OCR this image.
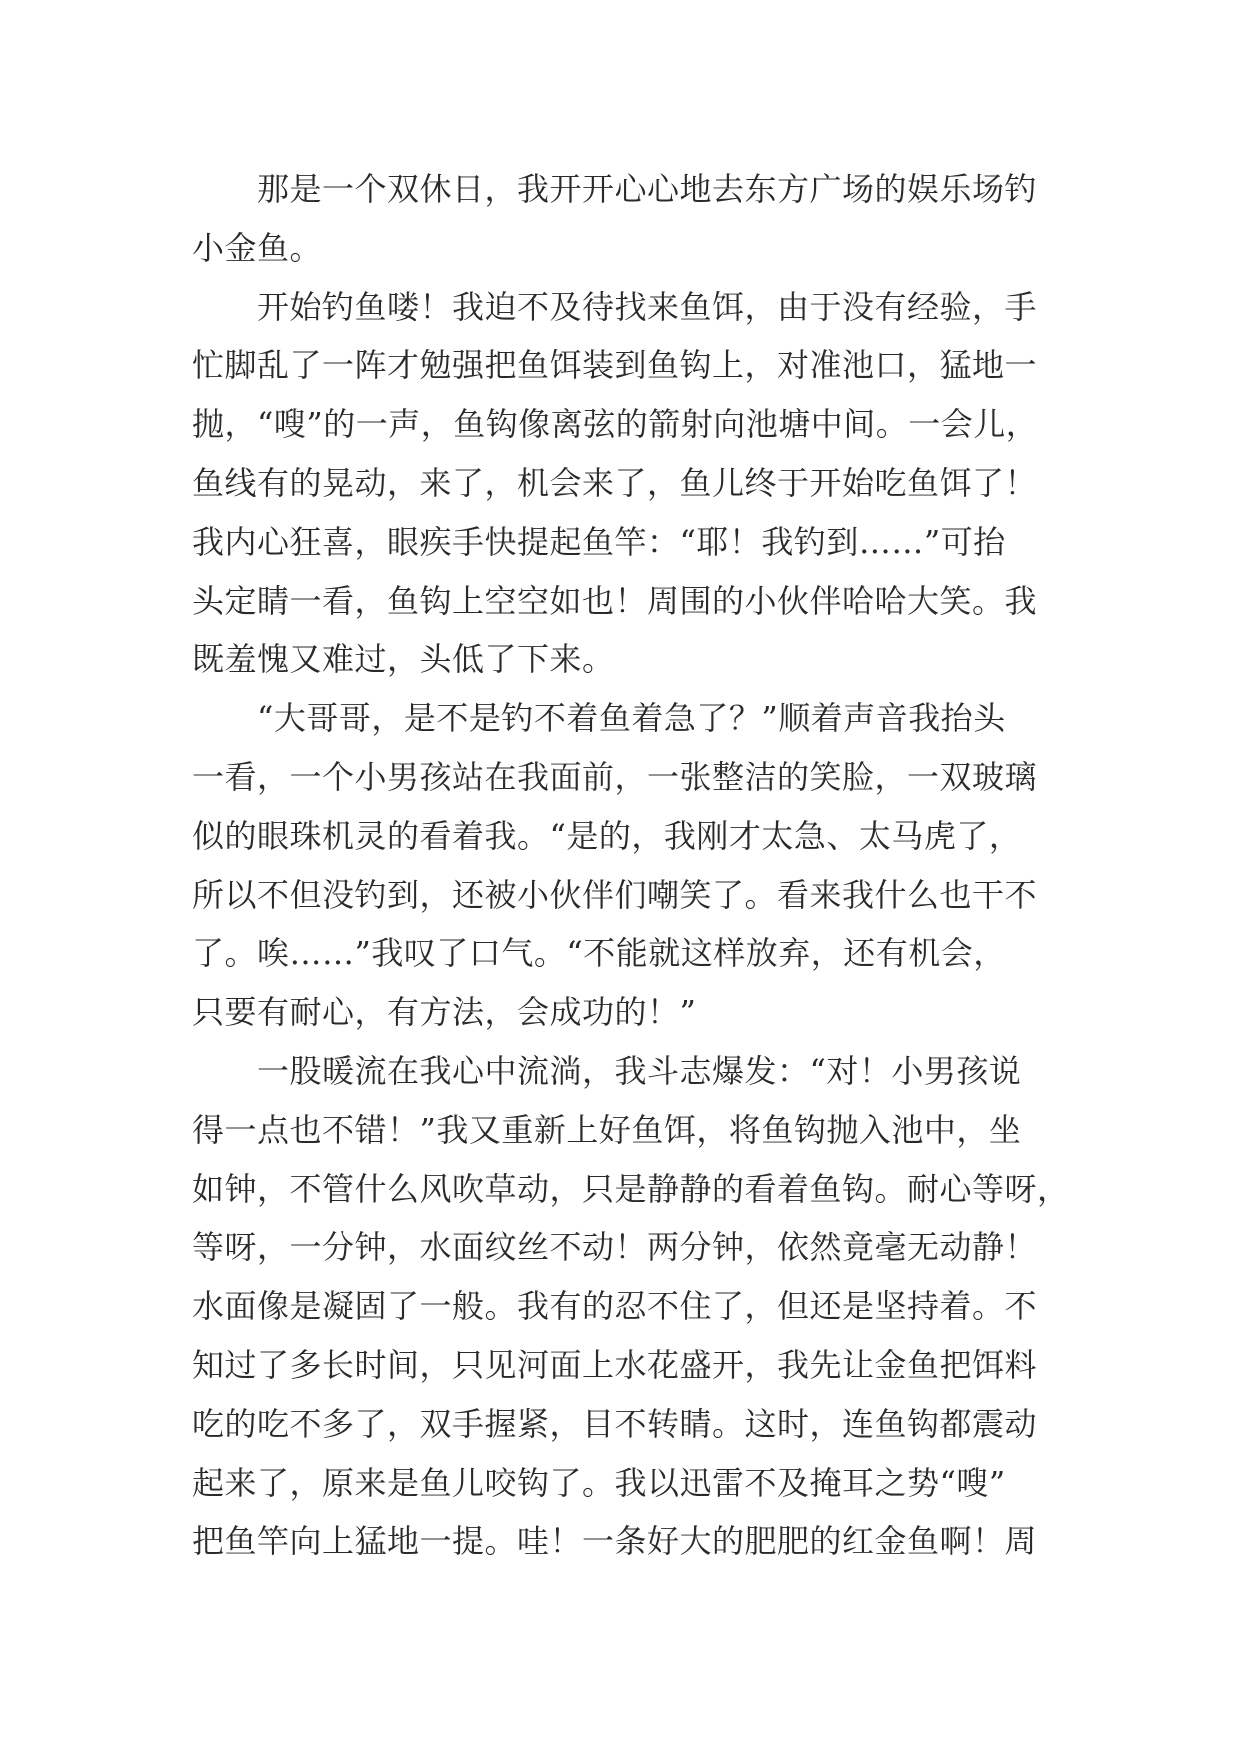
　　那是一个双休日，我开开心心地去东方广场的娱乐场钓
小金鱼。
　　开始钓鱼喽！我迫不及待找来鱼饵，由于没有经验，手
忙脚乱了一阵才勉强把鱼饵装到鱼钩上，对准池口，猛地一
抛，“嗖”的一声，鱼钩像离弦的箭射向池塘中间。一会儿，
鱼线有的晃动，来了，机会来了，鱼儿终于开始吃鱼饵了！
我内心狂喜，眼疾手快提起鱼竿：“耶！我钓到……”可抬
头定睛一看，鱼钩上空空如也！周围的小伙伴哈哈大笑。我
既羞愧又难过，头低了下来。
　　“大哥哥，是不是钓不着鱼着急了？”顺着声音我抬头
一看，一个小男孩站在我面前，一张整洁的笑脸，一双玻璃
似的眼珠机灵的看着我。“是的，我刚才太急、太马虎了，
所以不但没钓到，还被小伙伴们嘲笑了。看来我什么也干不
了。唉……”我叹了口气。“不能就这样放弃，还有机会，
只要有耐心，有方法，会成功的！”
　　一股暖流在我心中流淌，我斗志爆发：“对！小男孩说
得一点也不错！”我又重新上好鱼饵，将鱼钩抛入池中，坐
如钟，不管什么风吹草动，只是静静的看着鱼钩。耐心等呀，
等呀，一分钟，水面纹丝不动！两分钟，依然竟毫无动静！
水面像是凝固了一般。我有的忍不住了，但还是坚持着。不
知过了多长时间，只见河面上水花盛开，我先让金鱼把饵料
吃的吃不多了，双手握紧，目不转睛。这时，连鱼钩都震动
起来了，原来是鱼儿咬钩了。我以迅雷不及掩耳之势“嗖”
把鱼竿向上猛地一提。哇！一条好大的肥肥的红金鱼啊！周
